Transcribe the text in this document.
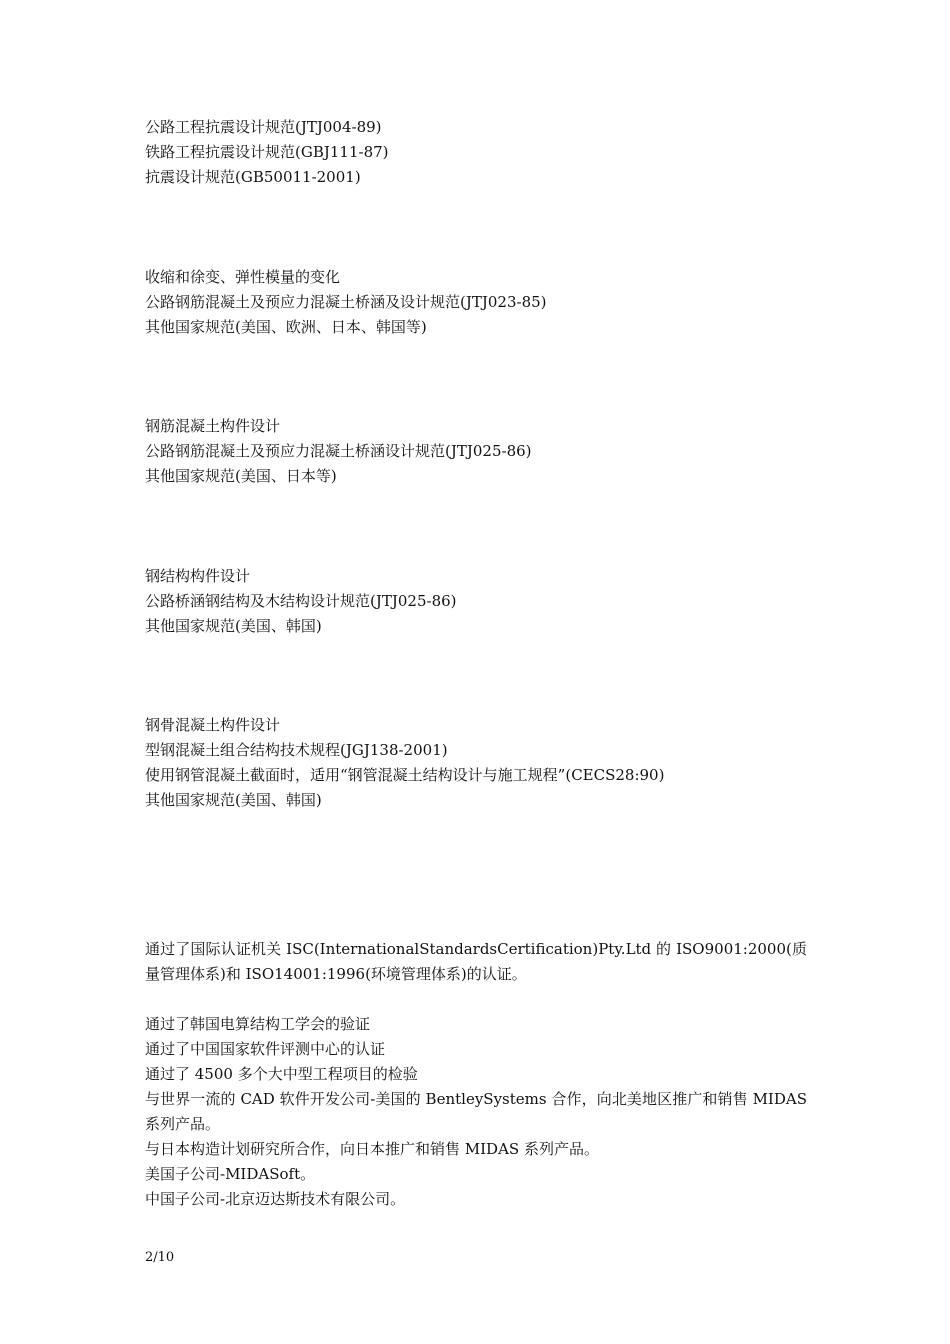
公路工程抗震设计规范(JTJ004-89)
铁路工程抗震设计规范(GBJ111-87)
抗震设计规范(GB50011-2001)
收缩和徐变、弹性模量的变化
公路钢筋混凝土及预应力混凝土桥涵及设计规范(JTJ023-85)
其他国家规范(美国、欧洲、日本、韩国等)
钢筋混凝土构件设计
公路钢筋混凝土及预应力混凝土桥涵设计规范(JTJ025-86)
其他国家规范(美国、日本等)
钢结构构件设计
公路桥涵钢结构及木结构设计规范(JTJ025-86)
其他国家规范(美国、韩国)
钢骨混凝土构件设计
型钢混凝土组合结构技术规程(JGJ138-2001)
使用钢管混凝土截面时，适用“钢管混凝土结构设计与施工规程”(CECS28:90)
其他国家规范(美国、韩国)
通过了国际认证机关 ISC(InternationalStandardsCertification)Pty.Ltd 的 ISO9001:2000(质量管理体系)和 ISO14001:1996(环境管理体系)的认证。
通过了韩国电算结构工学会的验证
通过了中国国家软件评测中心的认证
通过了 4500 多个大中型工程项目的检验
与世界一流的 CAD 软件开发公司-美国的 BentleySystems 合作，向北美地区推广和销售 MIDAS 系列产品。
与日本构造计划研究所合作，向日本推广和销售 MIDAS 系列产品。
美国子公司-MIDASoft。
中国子公司-北京迈达斯技术有限公司。
2/10
